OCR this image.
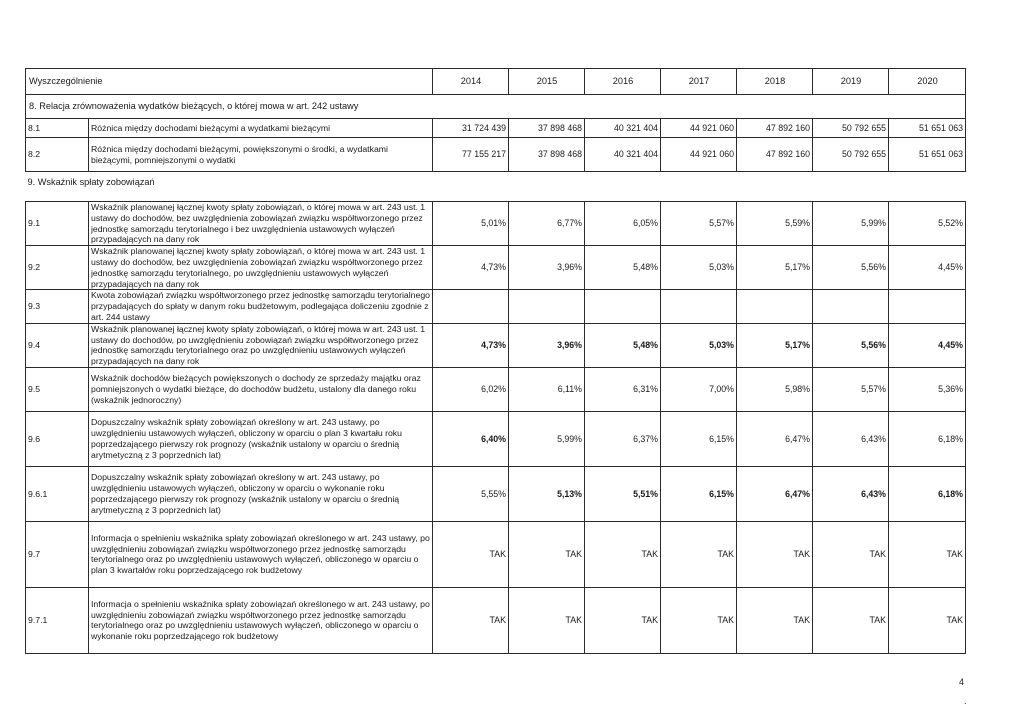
Wyszczególnienie		2014	2015	2016	2017	2018	2019	2020
8. Relacja zrównoważenia wydatków bieżących, o której mowa w art. 242 ustawy								
8.1	Różnica między dochodami bieżącymi a wydatkami bieżącymi	31 724 439	37 898 468	40 321 404	44 921 060	47 892 160	50 792 655	51 651 063
8.2	Różnica między dochodami bieżącymi, powiększonymi o środki, a wydatkami bieżącymi, pomniejszonymi o wydatki	77 155 217	37 898 468	40 321 404	44 921 060	47 892 160	50 792 655	51 651 063
9. Wskaźnik spłaty zobowiązań								

9.1	Wskaźnik planowanej łącznej kwoty spłaty zobowiązań, o której mowa w art. 243 ust. 1 ustawy do dochodów, bez uwzględnienia zobowiązań związku współtworzonego przez jednostkę samorządu terytorialnego i bez uwzględnienia ustawowych wyłączeń przypadających na dany rok	5,01%	6,77%	6,05%	5,57%	5,59%	5,99%	5,52%
9.2	Wskaźnik planowanej łącznej kwoty spłaty zobowiązań, o której mowa w art. 243 ust. 1 ustawy do dochodów, bez uwzględnienia zobowiązań związku współtworzonego przez jednostkę samorządu terytorialnego, po uwzględnieniu ustawowych wyłączeń przypadających na dany rok	4,73%	3,96%	5,48%	5,03%	5,17%	5,56%	4,45%
9.3	Kwota zobowiązań związku współtworzonego przez jednostkę samorządu terytorialnego przypadających do spłaty w danym roku budżetowym, podlegająca doliczeniu zgodnie z art. 244 ustawy							
9.4	Wskaźnik planowanej łącznej kwoty spłaty zobowiązań, o której mowa w art. 243 ust. 1 ustawy do dochodów, po uwzględnieniu zobowiązań związku współtworzonego przez jednostkę samorządu terytorialnego oraz po uwzględnieniu ustawowych wyłączeń przypadających na dany rok	4,73%	3,96%	5,48%	5,03%	5,17%	5,56%	4,45%
9.5	Wskaźnik dochodów bieżących powiększonych o dochody ze sprzedaży majątku oraz pomniejszonych o wydatki bieżące, do dochodów budżetu, ustalony dla danego roku (wskaźnik jednoroczny)	6,02%	6,11%	6,31%	7,00%	5,98%	5,57%	5,36%
9.6	Dopuszczalny wskaźnik spłaty zobowiązań określony w art. 243 ustawy, po uwzględnieniu ustawowych wyłączeń, obliczony w oparciu o plan 3 kwartału roku poprzedzającego pierwszy rok prognozy (wskaźnik ustalony w oparciu o średnią arytmetyczną z 3 poprzednich lat)	6,40%	5,99%	6,37%	6,15%	6,47%	6,43%	6,18%
9.6.1	Dopuszczalny wskaźnik spłaty zobowiązań określony w art. 243 ustawy, po uwzględnieniu ustawowych wyłączeń, obliczony w oparciu o wykonanie roku poprzedzającego pierwszy rok prognozy (wskaźnik ustalony w oparciu o średnią arytmetyczną z 3 poprzednich lat)	5,55%	5,13%	5,51%	6,15%	6,47%	6,43%	6,18%
9.7	Informacja o spełnieniu wskaźnika spłaty zobowiązań określonego w art. 243 ustawy, po uwzględnieniu zobowiązań związku współtworzonego przez jednostkę samorządu terytorialnego oraz po uwzględnieniu ustawowych wyłączeń, obliczonego w oparciu o plan 3 kwartałów roku poprzedzającego rok budżetowy	TAK	TAK	TAK	TAK	TAK	TAK	TAK
9.7.1	Informacja o spełnieniu wskaźnika spłaty zobowiązań określonego w art. 243 ustawy, po uwzględnieniu zobowiązań związku współtworzonego przez jednostkę samorządu terytorialnego oraz po uwzględnieniu ustawowych wyłączeń, obliczonego w oparciu o wykonanie roku poprzedzającego rok budżetowy	TAK	TAK	TAK	TAK	TAK	TAK	TAK
4
.
